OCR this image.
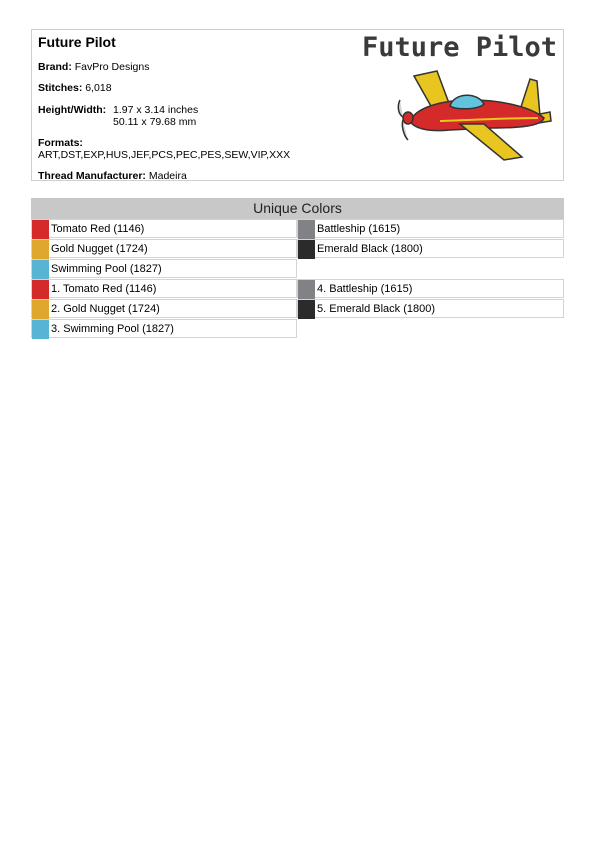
Future Pilot
Brand: FavPro Designs
Stitches: 6,018
Height/Width: 1.97 x 3.14 inches
50.11 x 79.68 mm
Formats:
ART,DST,EXP,HUS,JEF,PCS,PEC,PES,SEW,VIP,XXX
Thread Manufacturer: Madeira
Future Pilot
Unique Colors
Tomato Red (1146)	Battleship (1615)
Gold Nugget (1724)	Emerald Black (1800)
Swimming Pool (1827)
1. Tomato Red (1146)	4. Battleship (1615)
2. Gold Nugget (1724)	5. Emerald Black (1800)
3. Swimming Pool (1827)
